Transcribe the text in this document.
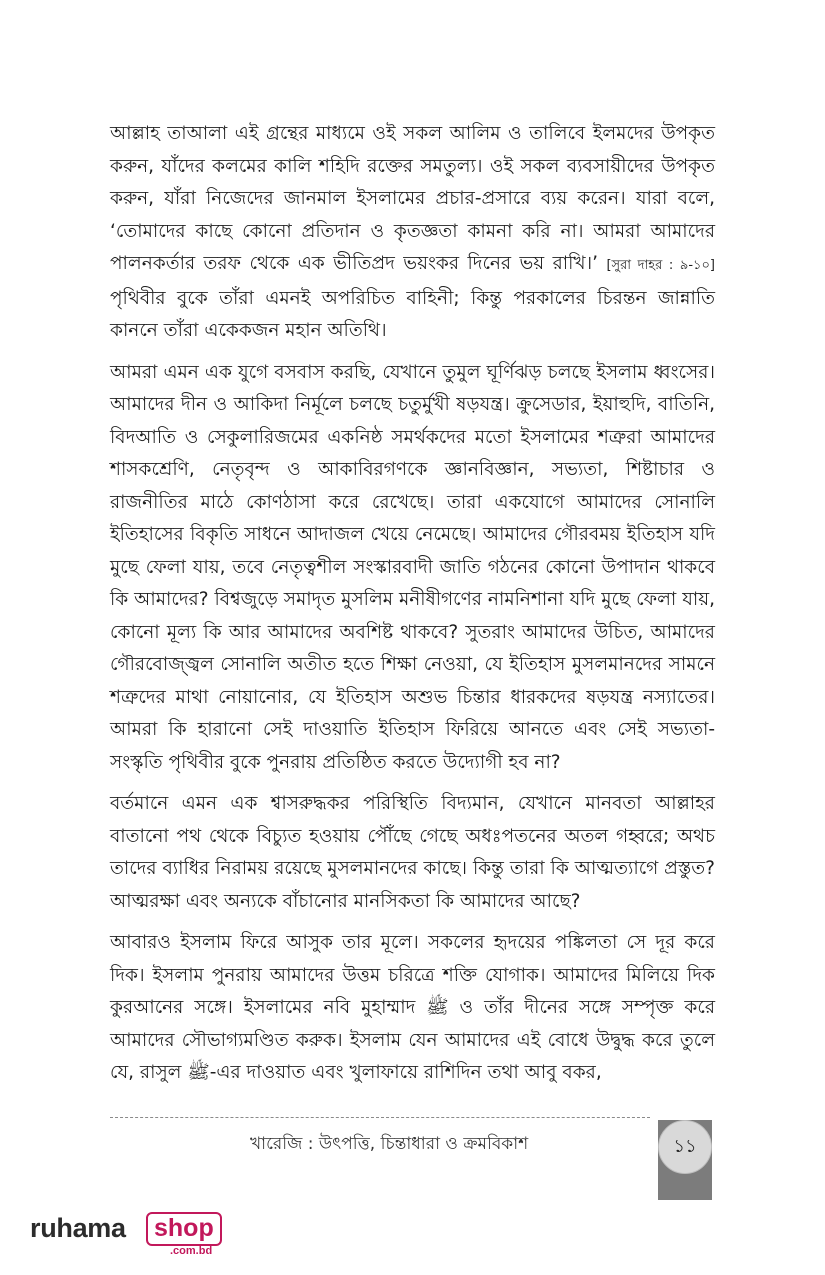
আল্লাহ তাআলা এই গ্রন্থের মাধ্যমে ওই সকল আলিম ও তালিবে ইলমদের উপকৃত করুন, যাঁদের কলমের কালি শহিদি রক্তের সমতুল্য। ওই সকল ব্যবসায়ীদের উপকৃত করুন, যাঁরা নিজেদের জানমাল ইসলামের প্রচার-প্রসারে ব্যয় করেন। যারা বলে, ‘তোমাদের কাছে কোনো প্রতিদান ও কৃতজ্ঞতা কামনা করি না। আমরা আমাদের পালনকর্তার তরফ থেকে এক ভীতিপ্রদ ভয়ংকর দিনের ভয় রাখি।’ [সুরা দাহর : ৯-১০] পৃথিবীর বুকে তাঁরা এমনই অপরিচিত বাহিনী; কিন্তু পরকালের চিরন্তন জান্নাতি কাননে তাঁরা একেকজন মহান অতিথি।

আমরা এমন এক যুগে বসবাস করছি, যেখানে তুমুল ঘূর্ণিঝড় চলছে ইসলাম ধ্বংসের। আমাদের দীন ও আকিদা নির্মূলে চলছে চতুর্মুখী ষড়যন্ত্র। ক্রুসেডার, ইয়াহুদি, বাতিনি, বিদআতি ও সেকুলারিজমের একনিষ্ঠ সমর্থকদের মতো ইসলামের শত্রুরা আমাদের শাসকশ্রেণি, নেতৃবৃন্দ ও আকাবিরগণকে জ্ঞানবিজ্ঞান, সভ্যতা, শিষ্টাচার ও রাজনীতির মাঠে কোণঠাসা করে রেখেছে। তারা একযোগে আমাদের সোনালি ইতিহাসের বিকৃতি সাধনে আদাজল খেয়ে নেমেছে। আমাদের গৌরবময় ইতিহাস যদি মুছে ফেলা যায়, তবে নেতৃত্বশীল সংস্কারবাদী জাতি গঠনের কোনো উপাদান থাকবে কি আমাদের? বিশ্বজুড়ে সমাদৃত মুসলিম মনীষীগণের নামনিশানা যদি মুছে ফেলা যায়, কোনো মূল্য কি আর আমাদের অবশিষ্ট থাকবে? সুতরাং আমাদের উচিত, আমাদের গৌরবোজ্জ্বল সোনালি অতীত হতে শিক্ষা নেওয়া, যে ইতিহাস মুসলমানদের সামনে শত্রুদের মাথা নোয়ানোর, যে ইতিহাস অশুভ চিন্তার ধারকদের ষড়যন্ত্র নস্যাতের। আমরা কি হারানো সেই দাওয়াতি ইতিহাস ফিরিয়ে আনতে এবং সেই সভ্যতা-সংস্কৃতি পৃথিবীর বুকে পুনরায় প্রতিষ্ঠিত করতে উদ্যোগী হব না?

বর্তমানে এমন এক শ্বাসরুদ্ধকর পরিস্থিতি বিদ্যমান, যেখানে মানবতা আল্লাহর বাতানো পথ থেকে বিচ্যুত হওয়ায় পৌঁছে গেছে অধঃপতনের অতল গহ্বরে; অথচ তাদের ব্যাধির নিরাময় রয়েছে মুসলমানদের কাছে। কিন্তু তারা কি আত্মত্যাগে প্রস্তুত? আত্মরক্ষা এবং অন্যকে বাঁচানোর মানসিকতা কি আমাদের আছে?

আবারও ইসলাম ফিরে আসুক তার মূলে। সকলের হৃদয়ের পঙ্কিলতা সে দূর করে দিক। ইসলাম পুনরায় আমাদের উত্তম চরিত্রে শক্তি যোগাক। আমাদের মিলিয়ে দিক কুরআনের সঙ্গে। ইসলামের নবি মুহাম্মাদ ﷺ ও তাঁর দীনের সঙ্গে সম্পৃক্ত করে আমাদের সৌভাগ্যমণ্ডিত করুক। ইসলাম যেন আমাদের এই বোধে উদ্বুদ্ধ করে তুলে যে, রাসুল ﷺ-এর দাওয়াত এবং খুলাফায়ে রাশিদিন তথা আবু বকর,

খারেজি : উৎপত্তি, চিন্তাধারা ও ক্রমবিকাশ	১১
ruhama	shop
.com.bd
